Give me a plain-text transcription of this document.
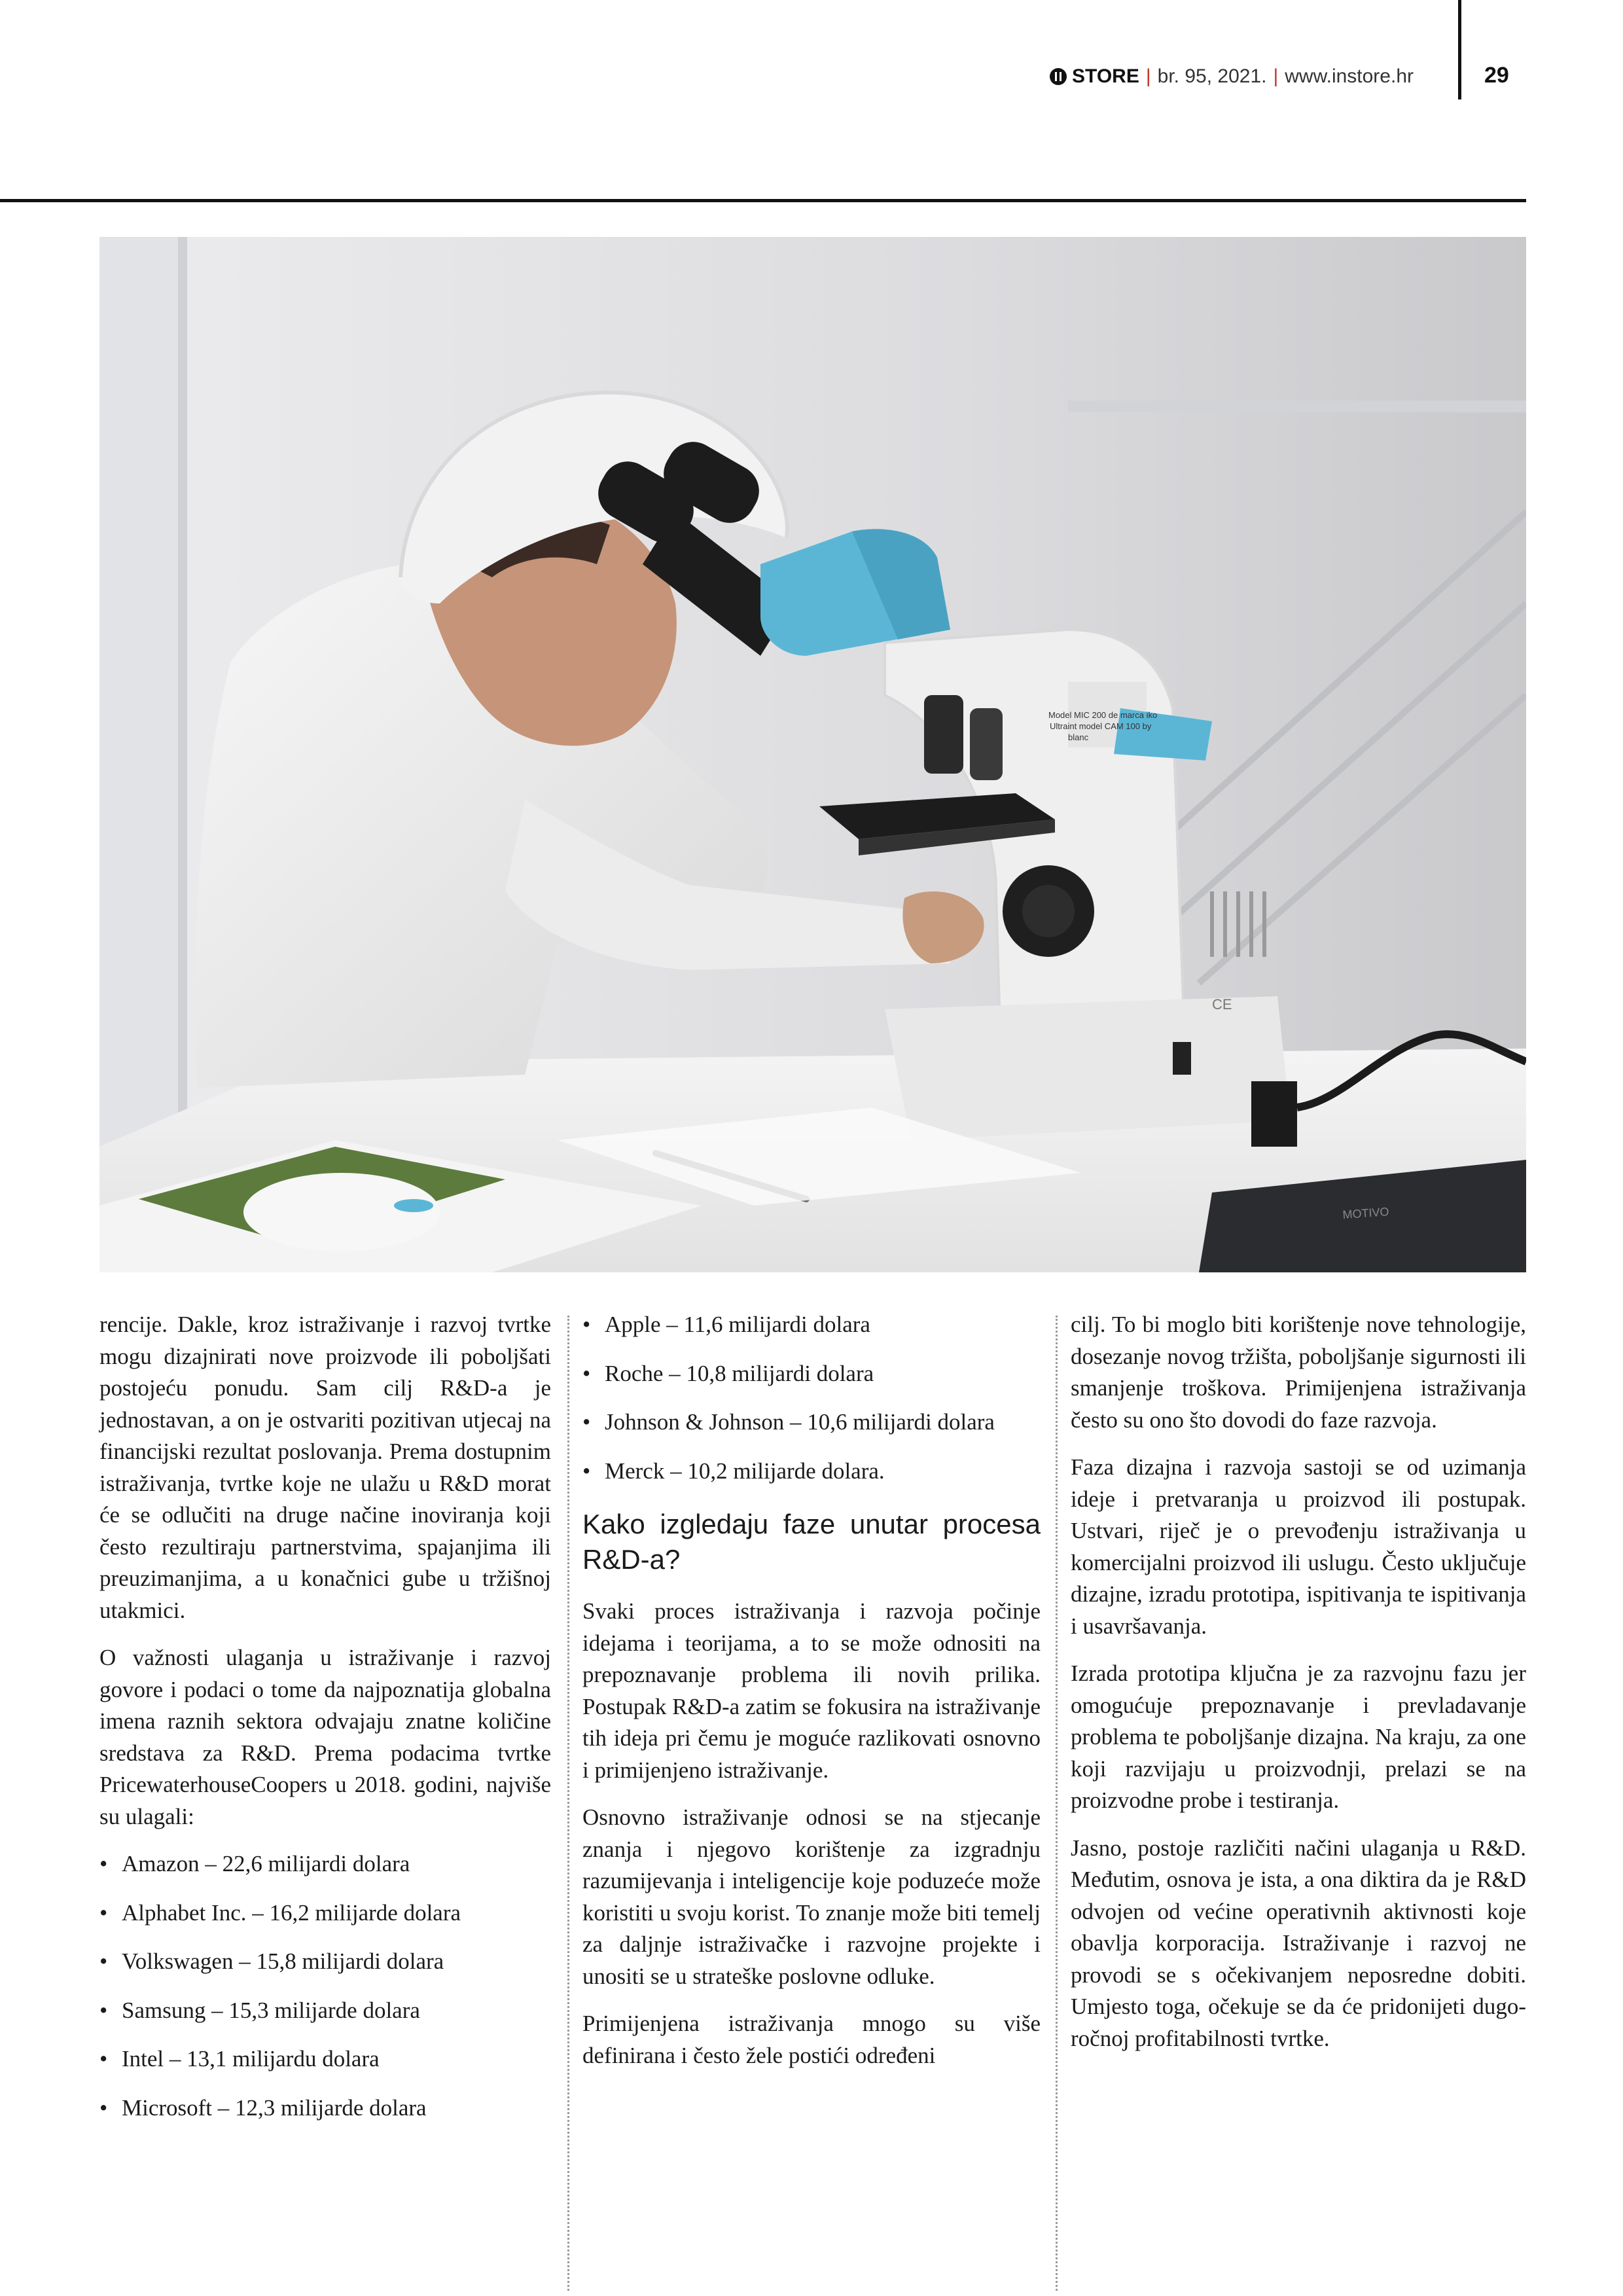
STORE | br. 95, 2021. | www.instore.hr	29
Model MIC 200 de marca iko
Ultraint model CAM 100 by
blanc
CE
MOTIVO

rencije. Dakle, kroz istraživanje i razvoj tvrtke mogu dizajnirati nove proizvode ili poboljšati postojeću ponudu. Sam cilj R&D-a je jednostavan, a on je ostvariti pozitivan utjecaj na financijski rezultat poslovanja. Prema dostupnim istraživanja, tvrtke koje ne ulažu u R&D morat će se odlučiti na druge načine inoviranja koji često rezultiraju partnerstvima, spajanjima ili preuzimanjima, a u konačnici gube u tržišnoj utakmici.

O važnosti ulaganja u istraživanje i razvoj govore i podaci o tome da najpoznatija globalna imena raznih sektora odvajaju znatne količine sredstava za R&D. Prema podacima tvrtke PricewaterhouseCoopers u 2018. godini, najviše su ulagali:

• Amazon – 22,6 milijardi dolara
• Alphabet Inc. – 16,2 milijarde dolara
• Volkswagen – 15,8 milijardi dolara
• Samsung – 15,3 milijarde dolara
• Intel – 13,1 milijardu dolara
• Microsoft – 12,3 milijarde dolara
• Apple – 11,6 milijardi dolara
• Roche – 10,8 milijardi dolara
• Johnson & Johnson – 10,6 milijardi dolara
• Merck – 10,2 milijarde dolara.
Kako izgledaju faze unutar procesa R&D-a?

Svaki proces istraživanja i razvoja počinje idejama i teorijama, a to se može odnositi na prepoznavanje problema ili novih prilika. Postupak R&D-a zatim se fokusira na istraživanje tih ideja pri čemu je moguće razlikovati osnovno i primijenjeno istraživanje.

Osnovno istraživanje odnosi se na stjecanje znanja i njegovo korištenje za izgradnju razumijevanja i inteligencije koje poduzeće može koristiti u svoju korist. To znanje može biti temelj za daljnje istraživačke i razvojne projekte i unositi se u strateške poslovne odluke.

Primijenjena istraživanja mnogo su više definirana i često žele postići određeni

cilj. To bi moglo biti korištenje nove tehnologije, dosezanje novog tržišta, poboljšanje sigurnosti ili smanjenje troškova. Primijenjena istraživanja često su ono što dovodi do faze razvoja.

Faza dizajna i razvoja sastoji se od uzimanja ideje i pretvaranja u proizvod ili postupak. Ustvari, riječ je o prevođenju istraživanja u komercijalni proizvod ili uslugu. Često uključuje dizajne, izradu prototipa, ispitivanja te ispitivanja i usavršavanja.

Izrada prototipa ključna je za razvojnu fazu jer omogućuje prepoznavanje i prevladavanje problema te poboljšanje dizajna. Na kraju, za one koji razvijaju u proizvodnji, prelazi se na proizvodne probe i testiranja.

Jasno, postoje različiti načini ulaganja u R&D. Međutim, osnova je ista, a ona diktira da je R&D odvojen od većine operativnih aktivnosti koje obavlja korporacija. Istraživanje i razvoj ne provodi se s očekivanjem neposredne dobiti. Umjesto toga, očekuje se da će pridonijeti dugoročnoj profitabilnosti tvrtke.
